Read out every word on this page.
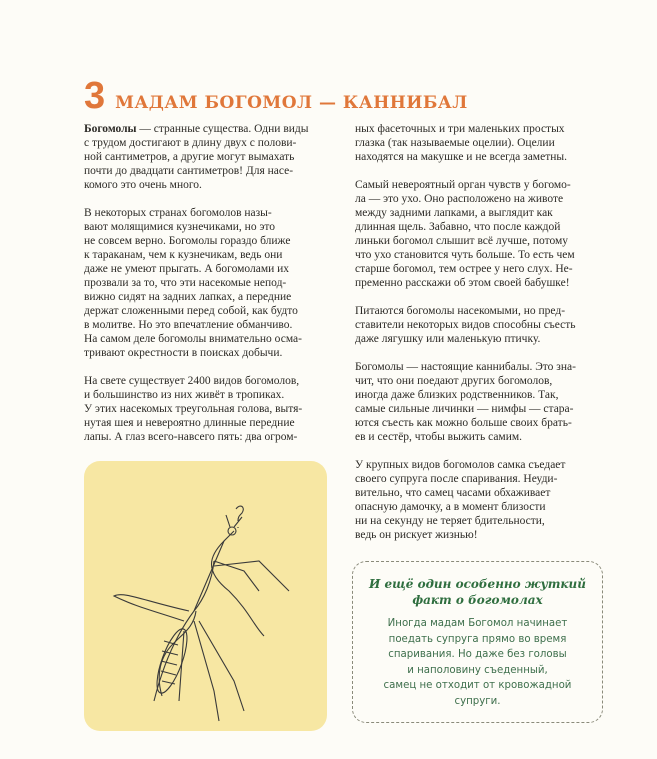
3 МАДАМ БОГОМОЛ — КАННИБАЛ
Богомолы — странные существа. Одни виды
с трудом достигают в длину двух с полови-
ной сантиметров, а другие могут вымахать
почти до двадцати сантиметров! Для насе-
комого это очень много.
В некоторых странах богомолов назы-
вают молящимися кузнечиками, но это
не совсем верно. Богомолы гораздо ближе
к тараканам, чем к кузнечикам, ведь они
даже не умеют прыгать. А богомолами их
прозвали за то, что эти насекомые непод-
вижно сидят на задних лапках, а передние
держат сложенными перед собой, как будто
в молитве. Но это впечатление обманчиво.
На самом деле богомолы внимательно осма-
тривают окрестности в поисках добычи.
На свете существует 2400 видов богомолов,
и большинство из них живёт в тропиках.
У этих насекомых треугольная голова, вытя-
нутая шея и невероятно длинные передние
лапы. А глаз всего-навсего пять: два огром-
ных фасеточных и три маленьких простых
глазка (так называемые оцелии). Оцелии
находятся на макушке и не всегда заметны.
Самый невероятный орган чувств у богомо-
ла — это ухо. Оно расположено на животе
между задними лапками, а выглядит как
длинная щель. Забавно, что после каждой
линьки богомол слышит всё лучше, потому
что ухо становится чуть больше. То есть чем
старше богомол, тем острее у него слух. Не-
пременно расскажи об этом своей бабушке!
Питаются богомолы насекомыми, но пред-
ставители некоторых видов способны съесть
даже лягушку или маленькую птичку.
Богомолы — настоящие каннибалы. Это зна-
чит, что они поедают других богомолов,
иногда даже близких родственников. Так,
самые сильные личинки — нимфы — стара-
ются съесть как можно больше своих брать-
ев и сестёр, чтобы выжить самим.
У крупных видов богомолов самка съедает
своего супруга после спаривания. Неуди-
вительно, что самец часами обхаживает
опасную дамочку, а в момент близости
ни на секунду не теряет бдительности,
ведь он рискует жизнью!
И ещё один особенно жуткий
факт о богомолах
Иногда мадам Богомол начинает
поедать супруга прямо во время
спаривания. Но даже без головы
и наполовину съеденный,
самец не отходит от кровожадной
супруги.
